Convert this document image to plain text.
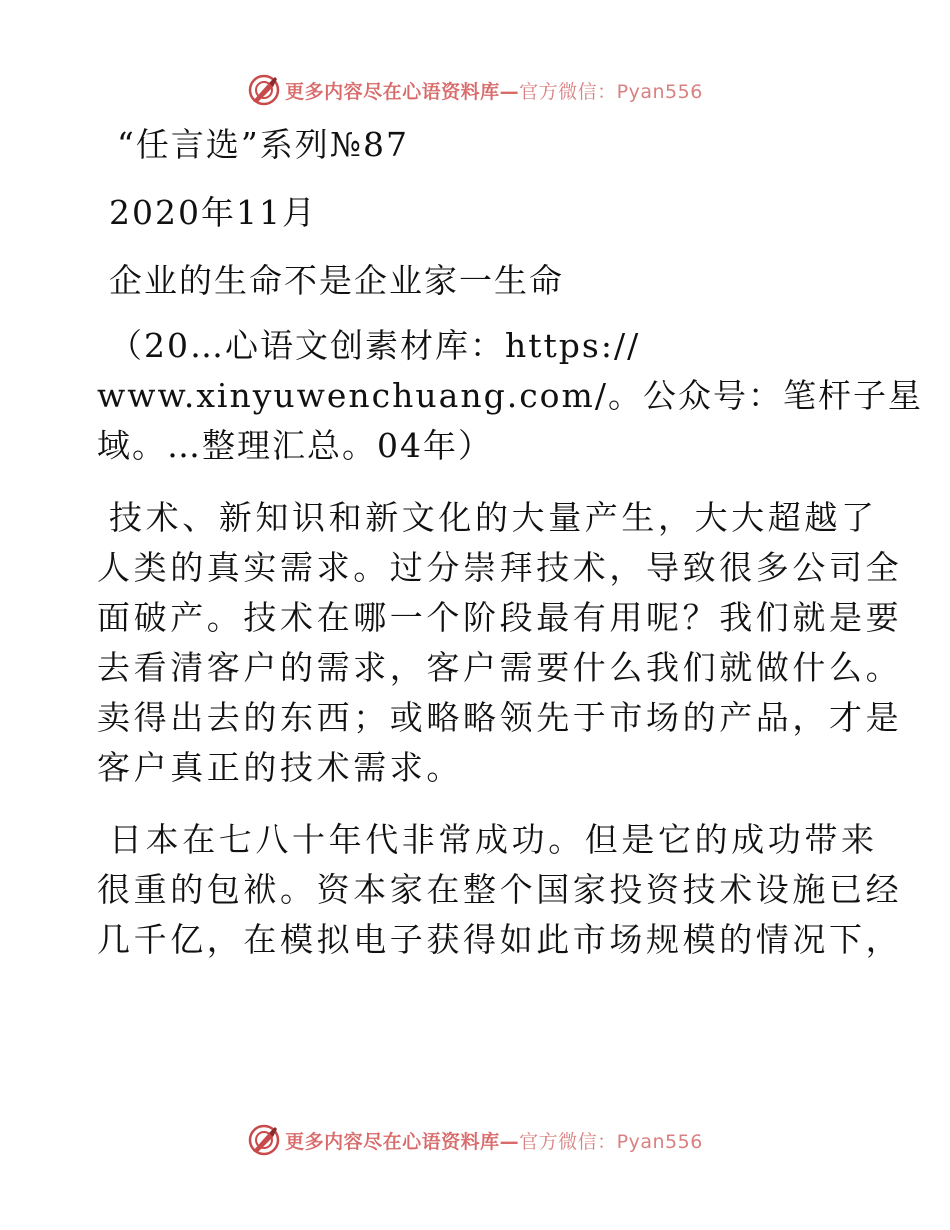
更多内容尽在心语资料库—官方微信：Pyan556
“任言选”系列№87
2020年11月
企业的生命不是企业家一生命
（20…心语文创素材库：https://
www.xinyuwenchuang.com/。公众号：笔杆子星
域。…整理汇总。04年）
技术、新知识和新文化的大量产生，大大超越了
人类的真实需求。过分崇拜技术，导致很多公司全
面破产。技术在哪一个阶段最有用呢？我们就是要
去看清客户的需求，客户需要什么我们就做什么。
卖得出去的东西；或略略领先于市场的产品，才是
客户真正的技术需求。
日本在七八十年代非常成功。但是它的成功带来
很重的包袱。资本家在整个国家投资技术设施已经
几千亿，在模拟电子获得如此市场规模的情况下，
更多内容尽在心语资料库—官方微信：Pyan556
